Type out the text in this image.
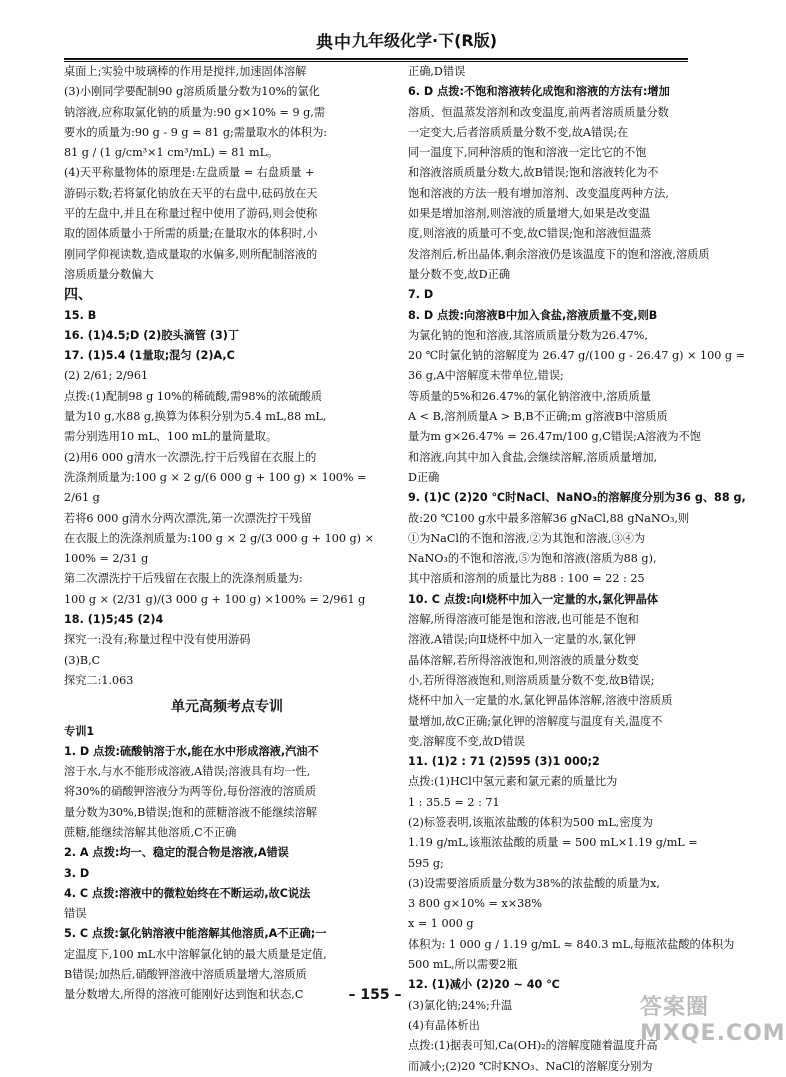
典中 九年级化学·下(R版)
桌面上;实验中玻璃棒的作用是搅拌,加速固体溶解
(3)小刚同学要配制90 g溶质质量分数为10%的氯化
钠溶液,应称取氯化钠的质量为:90 g×10% = 9 g,需
要水的质量为:90 g - 9 g = 81 g;需量取水的体积为:
81 g / (1 g/cm³×1 cm³/mL) = 81 mL。
(4)天平称量物体的原理是:左盘质量 = 右盘质量 +
游码示数;若将氯化钠放在天平的右盘中,砝码放在天
平的左盘中,并且在称量过程中使用了游码,则会使称
取的固体质量小于所需的质量;在量取水的体积时,小
刚同学仰视读数,造成量取的水偏多,则所配制溶液的
溶质质量分数偏大
四、
15. B
16. (1)4.5;D (2)胶头滴管 (3)丁
17. (1)5.4 (1量取;混匀 (2)A,C
(2) 2/61; 2/961
点拨:(1)配制98 g 10%的稀硫酸,需98%的浓硫酸质
量为10 g,水88 g,换算为体积分别为5.4 mL,88 mL,
需分别选用10 mL、100 mL的量筒量取。
(2)用6 000 g清水一次漂洗,拧干后残留在衣服上的
洗涤剂质量为:100 g × 2 g/(6 000 g + 100 g) × 100% =
2/61 g
若将6 000 g清水分两次漂洗,第一次漂洗拧干残留
在衣服上的洗涤剂质量为:100 g × 2 g/(3 000 g + 100 g) ×
100% = 2/31 g
第二次漂洗拧干后残留在衣服上的洗涤剂质量为:
100 g × (2/31 g)/(3 000 g + 100 g) ×100% = 2/961 g
18. (1)5;45 (2)4
探究一:没有;称量过程中没有使用游码
(3)B,C
探究二:1.063
单元高频考点专训
专训1
1. D 点拨:硫酸钠溶于水,能在水中形成溶液,汽油不
溶于水,与水不能形成溶液,A错误;溶液具有均一性,
将30%的硝酸钾溶液分为两等份,每份溶液的溶质质
量分数为30%,B错误;饱和的蔗糖溶液不能继续溶解
蔗糖,能继续溶解其他溶质,C不正确
2. A 点拨:均一、稳定的混合物是溶液,A错误
3. D
4. C 点拨:溶液中的微粒始终在不断运动,故C说法
错误
5. C 点拨:氯化钠溶液中能溶解其他溶质,A不正确;一
定温度下,100 mL水中溶解氯化钠的最大质量是定值,
B错误;加热后,硝酸钾溶液中溶质质量增大,溶质质
量分数增大,所得的溶液可能刚好达到饱和状态,C
正确,D错误
6. D 点拨:不饱和溶液转化成饱和溶液的方法有:增加
溶质、恒温蒸发溶剂和改变温度,前两者溶质质量分数
一定变大,后者溶质质量分数不变,故A错误;在
同一温度下,同种溶质的饱和溶液一定比它的不饱
和溶液溶质质量分数大,故B错误;饱和溶液转化为不
饱和溶液的方法一般有增加溶剂、改变温度两种方法,
如果是增加溶剂,则溶液的质量增大,如果是改变温
度,则溶液的质量可不变,故C错误;饱和溶液恒温蒸
发溶剂后,析出晶体,剩余溶液仍是该温度下的饱和溶液,溶质质
量分数不变,故D正确
7. D
8. D 点拨:向溶液B中加入食盐,溶液质量不变,则B
为氯化钠的饱和溶液,其溶质质量分数为26.47%,
20 ℃时氯化钠的溶解度为 26.47 g/(100 g - 26.47 g) × 100 g =
36 g,A中溶解度未带单位,错误;
等质量的5%和26.47%的氯化钠溶液中,溶质质量
A < B,溶剂质量A > B,B不正确;m g溶液B中溶质质
量为m g×26.47% = 26.47m/100 g,C错误;A溶液为不饱
和溶液,向其中加入食盐,会继续溶解,溶质质量增加,
D正确
9. (1)C (2)20 ℃时NaCl、NaNO₃的溶解度分别为36 g、88 g,
故:20 ℃100 g水中最多溶解36 gNaCl,88 gNaNO₃,则
①为NaCl的不饱和溶液,②为其饱和溶液,③④为
NaNO₃的不饱和溶液,⑤为饱和溶液(溶质为88 g),
其中溶质和溶剂的质量比为88 : 100 = 22 : 25
10. C 点拨:向Ⅰ烧杯中加入一定量的水,氯化钾晶体
溶解,所得溶液可能是饱和溶液,也可能是不饱和
溶液,A错误;向Ⅱ烧杯中加入一定量的水,氯化钾
晶体溶解,若所得溶液饱和,则溶液的质量分数变
小,若所得溶液饱和,则溶质质量分数不变,故B错误;
烧杯中加入一定量的水,氯化钾晶体溶解,溶液中溶质质
量增加,故C正确;氯化钾的溶解度与温度有关,温度不
变,溶解度不变,故D错误
11. (1)2 : 71 (2)595 (3)1 000;2
点拨:(1)HCl中氢元素和氯元素的质量比为
1 : 35.5 = 2 : 71
(2)标签表明,该瓶浓盐酸的体积为500 mL,密度为
1.19 g/mL,该瓶浓盐酸的质量 = 500 mL×1.19 g/mL =
595 g;
(3)设需要溶质质量分数为38%的浓盐酸的质量为x,
3 800 g×10% = x×38%
x = 1 000 g
体积为: 1 000 g / 1.19 g/mL ≈ 840.3 mL,每瓶浓盐酸的体积为
500 mL,所以需要2瓶
12. (1)减小 (2)20 ~ 40 ℃
(3)氯化钠;24%;升温
(4)有晶体析出
点拨:(1)据表可知,Ca(OH)₂的溶解度随着温度升高
而减小;(2)20 ℃时KNO₃、NaCl的溶解度分别为
– 155 –	答案圈 MXQE.COM
